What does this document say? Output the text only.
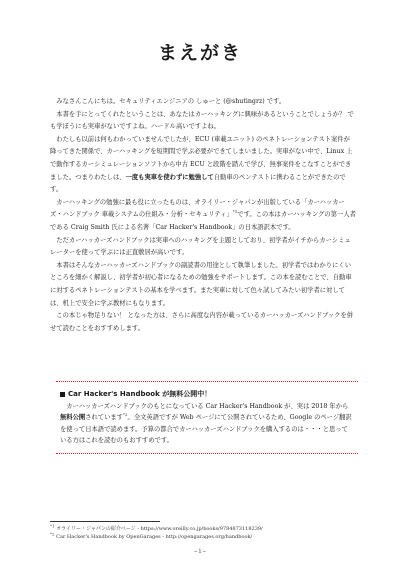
まえがき

みなさんこんにちは。セキュリティエンジニアの しゅーと (@shutingrz) です。

本書を手にとってくれたということは、あなたはカーハッキングに興味があるということでしょうか？ でも学ぼうにも実車がないですよね。ハードル高いですよね。

わたしも以前は何もわかっていませんでしたが、ECU (車載ユニット) のペネトレーションテスト案件が降ってきた関係で、カーハッキングを短期間で学ぶ必要ができてしまいました。実車がない中で、Linux 上で動作するカーシミュレーションソフトから中古 ECU と段階を踏んで学び、無事案件をこなすことができました。つまりわたしは、一度も実車を使わずに勉強して自動車のペンテストに携わることができたのです。

カーハッキングの勉強に最も役に立ったものは、オライリー・ジャパンが出版している「カーハッカーズ・ハンドブック 車載システムの仕組み・分析・セキュリティ」$^{*1}$です。この本はカーハッキングの第一人者である Craig Smith 氏による名著「Car Hacker's Handbook」の日本語訳本です。

ただカーハッカーズハンドブックは実車へのハッキングを主題としており、初学者がイチからカーシミュレーターを使って学ぶには正直敷居が高いです。

本書はそんなカーハッカーズハンドブックの副読書の用途として執筆しました。初学者ではわかりにくいところを細かく解説し、初学者が初心者になるための勉強をサポートします。この本を読むことで、自動車に対するペネトレーションテストの基本を学べます。また実車に対して色々試してみたい初学者に対しては、机上で安全に学ぶ教材にもなります。

この本じゃ物足りない！ となった方は、さらに高度な内容が載っているカーハッカーズハンドブックを併せて読むことをおすすめします。

Car Hacker's Handbook が無料公開中！

カーハッカーズハンドブックのもとになっている Car Hacker's Handbook が、実は 2018 年から無料公開されています$^{*2}$。全文英語ですが Web ページにて公開されているため、Google のページ翻訳を使って日本語で読めます。予算の都合でカーハッカーズハンドブックを購入するのは・・・と思っている方はこれを読むのもおすすめです。

$^{*1}$ オライリー・ジャパンの紹介ページ - https://www.oreilly.co.jp/books/9784873118239/
$^{*2}$ Car Hacker's Handbook by OpenGarages - http://opengarages.org/handbook/
– i –
